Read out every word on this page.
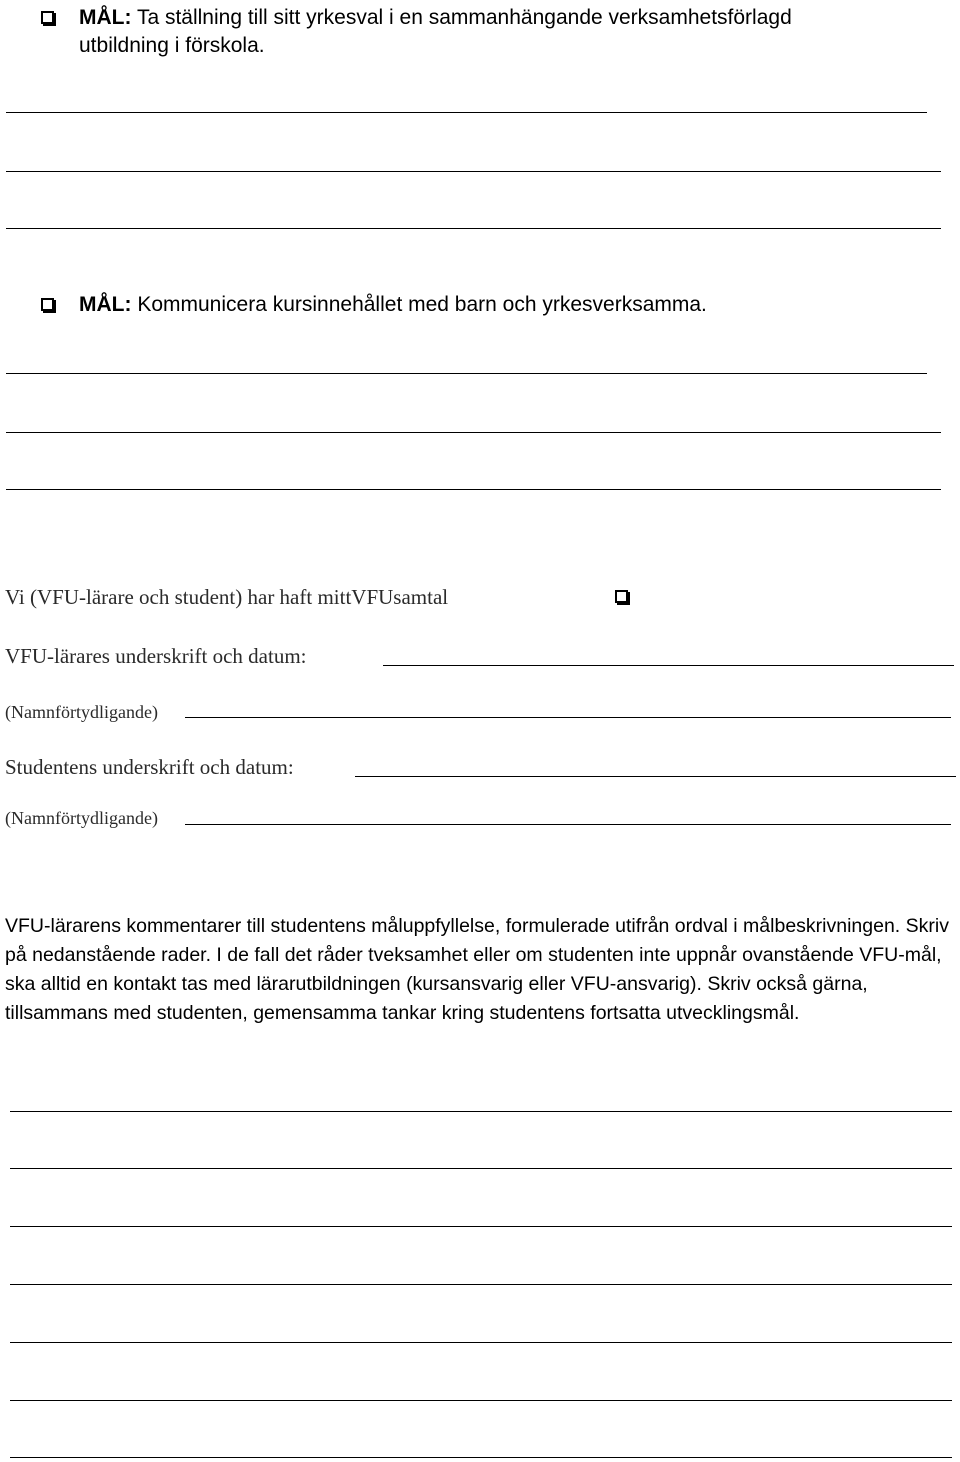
MÅL: Ta ställning till sitt yrkesval i en sammanhängande verksamhetsförlagd
utbildning i förskola.
MÅL: Kommunicera kursinnehållet med barn och yrkesverksamma.
Vi (VFU-lärare och student) har haft mittVFUsamtal
VFU-lärares underskrift och datum:
(Namnförtydligande)
Studentens underskrift och datum:
(Namnförtydligande)
VFU-lärarens kommentarer till studentens måluppfyllelse, formulerade utifrån ordval i målbeskrivningen. Skriv på nedanstående rader. I de fall det råder tveksamhet eller om studenten inte uppnår ovanstående VFU-mål, ska alltid en kontakt tas med lärarutbildningen (kursansvarig eller VFU-ansvarig). Skriv också gärna, tillsammans med studenten, gemensamma tankar kring studentens fortsatta utvecklingsmål.
